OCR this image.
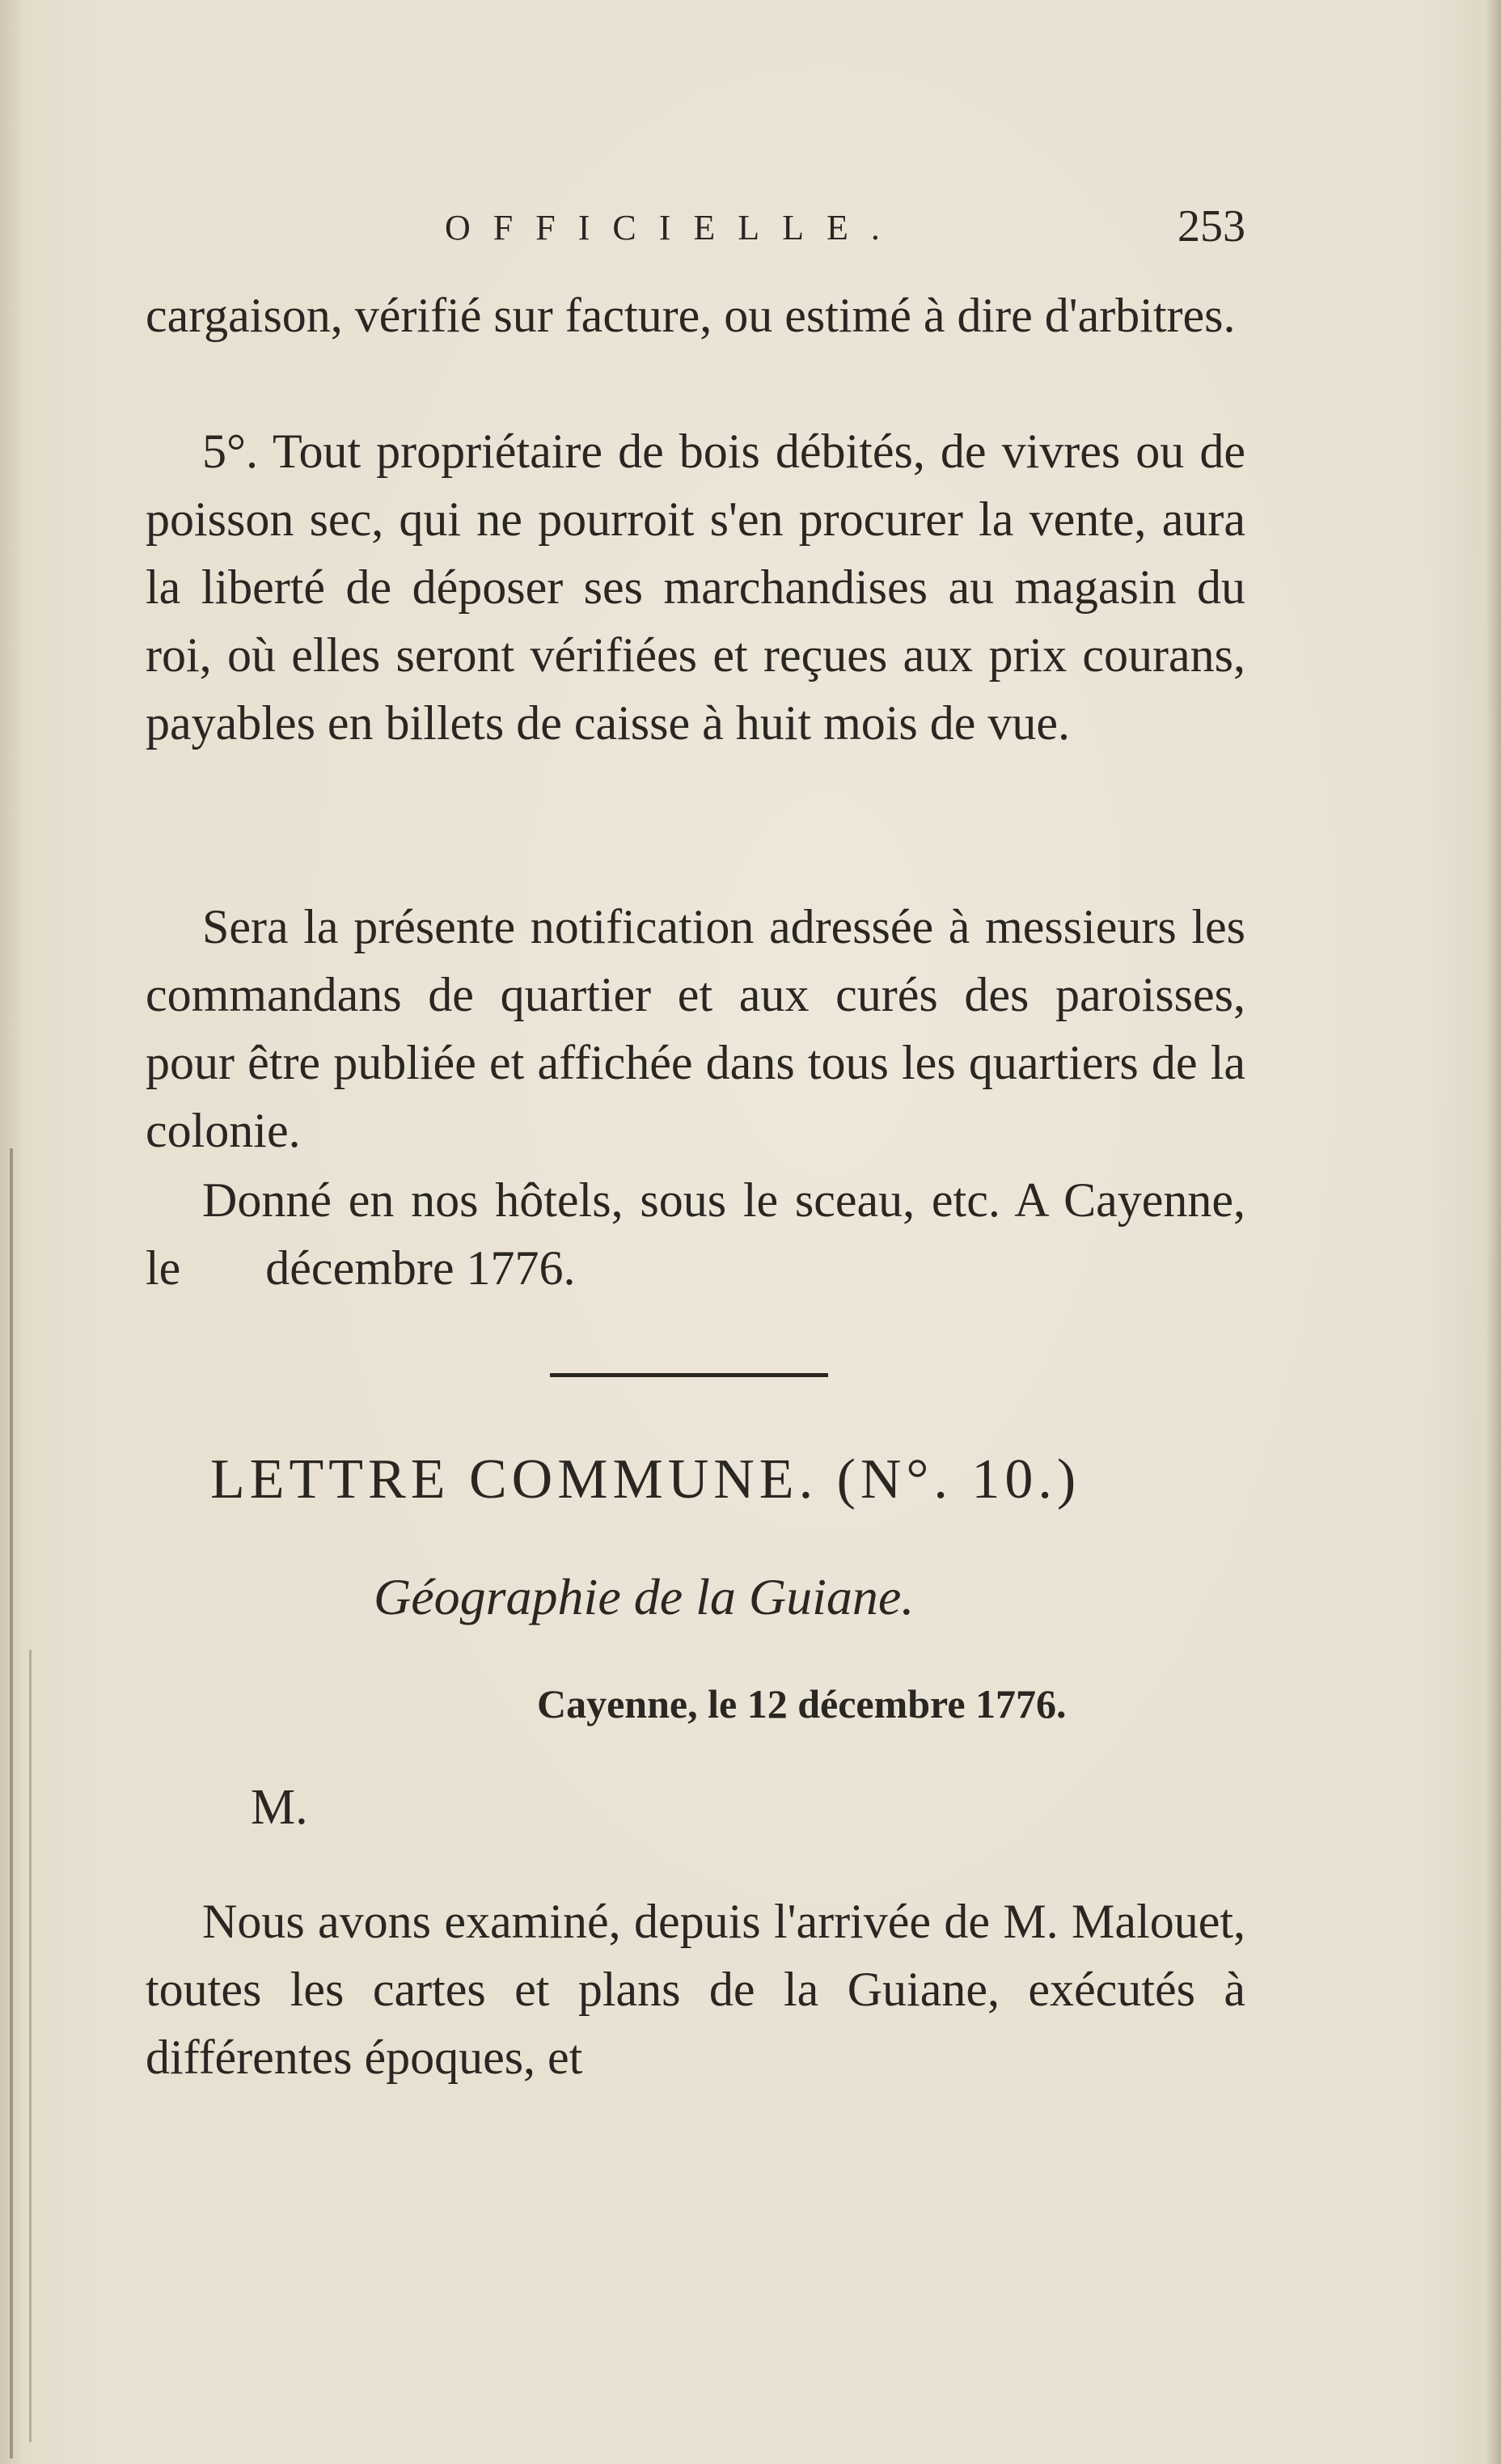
OFFICIELLE.	253

cargaison, vérifié sur facture, ou estimé à dire d'arbitres.

5°. Tout propriétaire de bois débités, de vivres ou de poisson sec, qui ne pourroit s'en procurer la vente, aura la liberté de déposer ses marchandises au magasin du roi, où elles seront vérifiées et reçues aux prix courans, payables en billets de caisse à huit mois de vue.

Sera la présente notification adressée à messieurs les commandans de quartier et aux curés des paroisses, pour être publiée et affichée dans tous les quartiers de la colonie.

Donné en nos hôtels, sous le sceau, etc. A Cayenne, le       décembre 1776.

LETTRE COMMUNE. (N°. 10.)
Géographie de la Guiane.
Cayenne, le 12 décembre 1776.
M.

Nous avons examiné, depuis l'arrivée de M. Malouet, toutes les cartes et plans de la Guiane, exécutés à différentes époques, et
